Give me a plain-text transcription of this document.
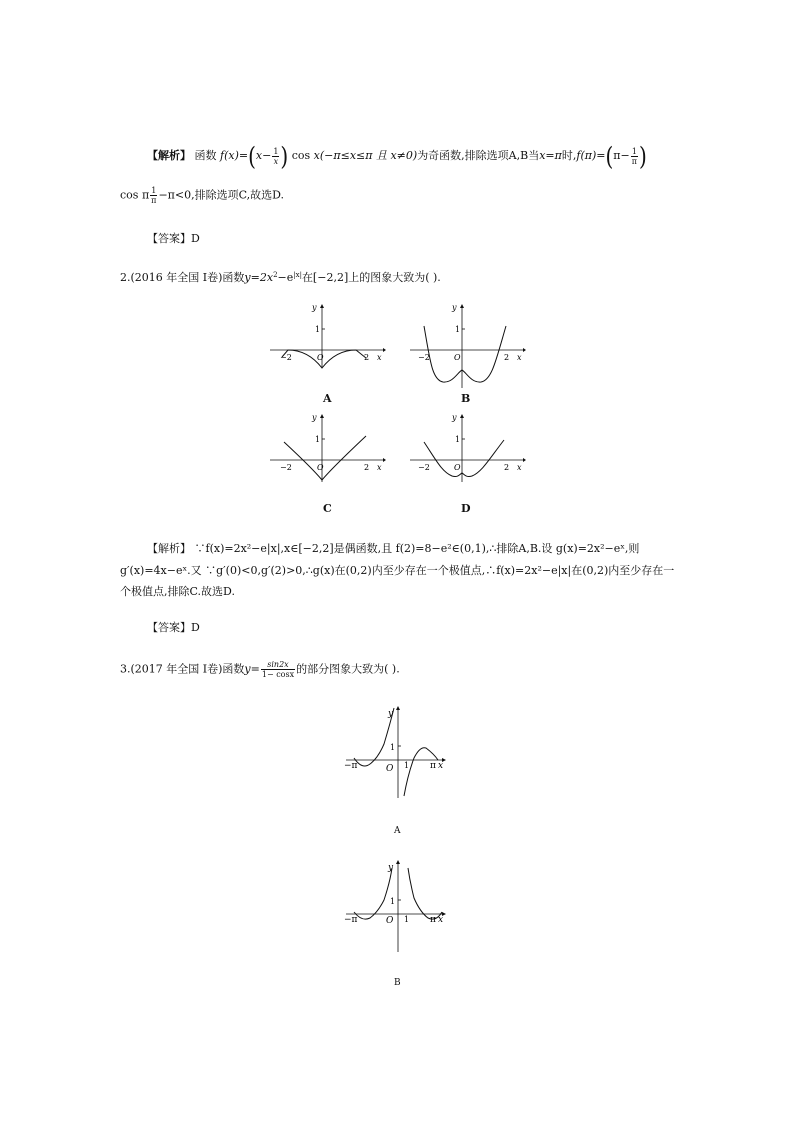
【解析】 函数 $f(x)=(x- \frac{1}{x}$ ) cos x(−π≤x≤π 且 x≠0)为奇函数,排除选项A,B当x=π时$,f(\pi)=(\pi- \frac{1}{\pi}$ )
cos π $\frac{1}{\pi} -\pi<0$,排除选项C,故选D.
【答案】D
2.(2016 年全国 Ⅰ卷)函数$y=2x^2-e^{|x|}$在[−2,2]上的图象大致为( ).
y
1
O
−2	2 x
A
y
1
O
−2	2 x
B
y
1
O
−2	2 x
C
y
1
O
−2	2 x
D
【解析】 ∵f(x)=2x²−e|x|,x∈[−2,2]是偶函数,且 f(2)=8−e²∈(0,1),∴排除A,B.设 g(x)=2x²−eˣ,则
g′(x)=4x−eˣ.又 ∵g′(0)<0,g′(2)>0,∴g(x)在(0,2)内至少存在一个极值点,∴f(x)=2x²−e|x|在(0,2)内至少存在一
个极值点,排除C.故选D.
【答案】D
3.(2017 年全国 Ⅰ卷)函数$y= \frac{\sin 2x}{1- \cos x}$ 的部分图象大致为( ).
y
1
O
−π	1 π x
A
y
1
O
−π	1 π x
B
